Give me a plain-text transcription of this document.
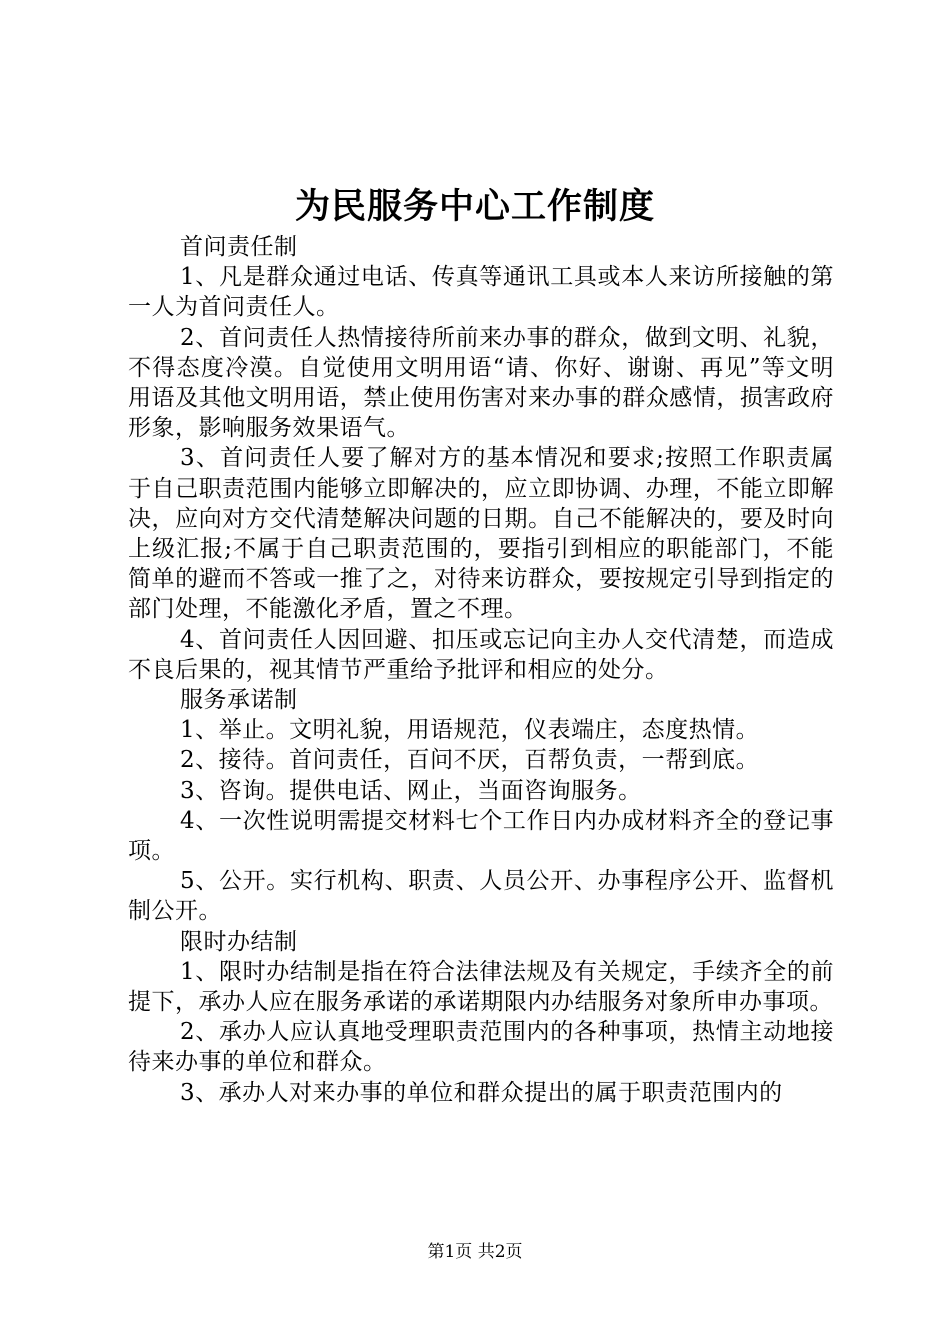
为民服务中心工作制度

首问责任制

1、凡是群众通过电话、传真等通讯工具或本人来访所接触的第一人为首问责任人。

2、首问责任人热情接待所前来办事的群众，做到文明、礼貌，不得态度冷漠。自觉使用文明用语“请、你好、谢谢、再见”等文明用语及其他文明用语，禁止使用伤害对来办事的群众感情，损害政府形象，影响服务效果语气。

3、首问责任人要了解对方的基本情况和要求;按照工作职责属于自己职责范围内能够立即解决的，应立即协调、办理，不能立即解决，应向对方交代清楚解决问题的日期。自己不能解决的，要及时向上级汇报;不属于自己职责范围的，要指引到相应的职能部门，不能简单的避而不答或一推了之，对待来访群众，要按规定引导到指定的部门处理，不能激化矛盾，置之不理。

4、首问责任人因回避、扣压或忘记向主办人交代清楚，而造成不良后果的，视其情节严重给予批评和相应的处分。

服务承诺制

1、举止。文明礼貌，用语规范，仪表端庄，态度热情。

2、接待。首问责任，百问不厌，百帮负责，一帮到底。

3、咨询。提供电话、网止，当面咨询服务。

4、一次性说明需提交材料七个工作日内办成材料齐全的登记事项。

5、公开。实行机构、职责、人员公开、办事程序公开、监督机制公开。

限时办结制

1、限时办结制是指在符合法律法规及有关规定，手续齐全的前提下，承办人应在服务承诺的承诺期限内办结服务对象所申办事项。

2、承办人应认真地受理职责范围内的各种事项，热情主动地接待来办事的单位和群众。

3、承办人对来办事的单位和群众提出的属于职责范围内的

第1页 共2页
